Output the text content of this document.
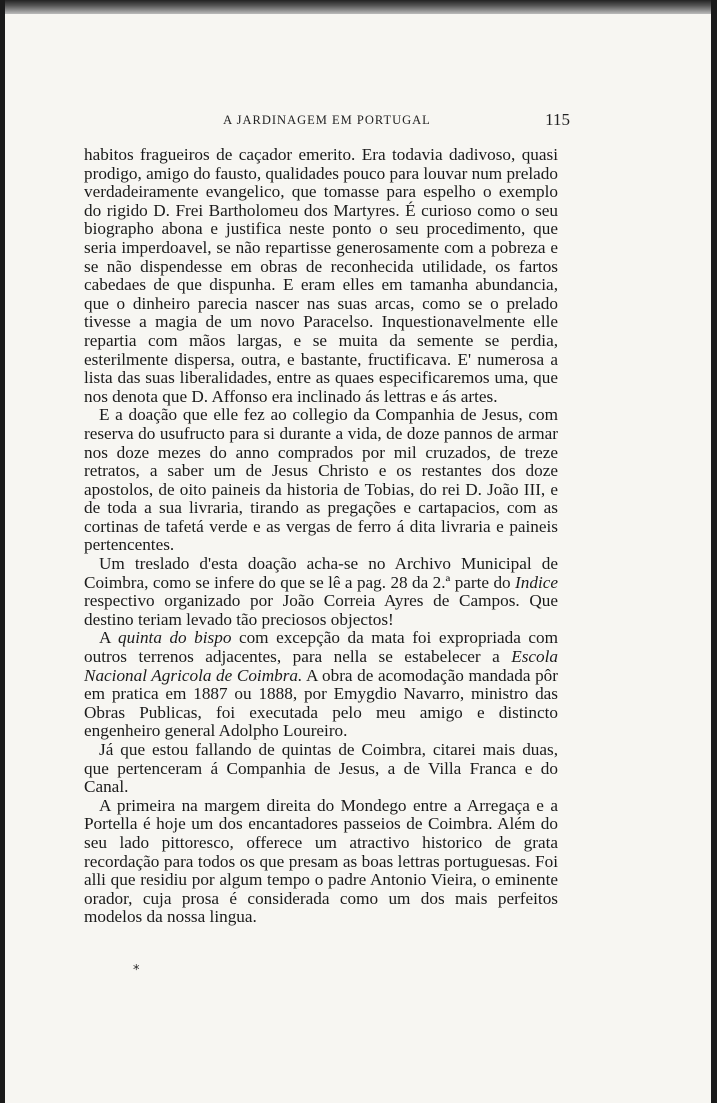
A JARDINAGEM EM PORTUGAL	115

habitos fragueiros de caçador emerito. Era todavia dadivoso, quasi prodigo, amigo do fausto, qualidades pouco para louvar num prelado verdadeiramente evangelico, que tomasse para espelho o exemplo do rigido D. Frei Bartholomeu dos Martyres. É curioso como o seu biographo abona e justifica neste ponto o seu procedimento, que seria imperdoavel, se não repartisse generosamente com a pobreza e se não dispendesse em obras de reconhecida utilidade, os fartos cabedaes de que dispunha. E eram elles em tamanha abundancia, que o dinheiro parecia nascer nas suas arcas, como se o prelado tivesse a magia de um novo Paracelso. Inquestionavelmente elle repartia com mãos largas, e se muita da semente se perdia, esterilmente dispersa, outra, e bastante, fructificava. E' numerosa a lista das suas liberalidades, entre as quaes especificaremos uma, que nos denota que D. Affonso era inclinado ás lettras e ás artes.

E a doação que elle fez ao collegio da Companhia de Jesus, com reserva do usufructo para si durante a vida, de doze pannos de armar nos doze mezes do anno comprados por mil cruzados, de treze retratos, a saber um de Jesus Christo e os restantes dos doze apostolos, de oito paineis da historia de Tobias, do rei D. João III, e de toda a sua livraria, tirando as pregações e cartapacios, com as cortinas de tafetá verde e as vergas de ferro á dita livraria e paineis pertencentes.

Um treslado d'esta doação acha-se no Archivo Municipal de Coimbra, como se infere do que se lê a pag. 28 da 2.ª parte do Indice respectivo organizado por João Correia Ayres de Campos. Que destino teriam levado tão preciosos objectos!

A quinta do bispo com excepção da mata foi expropriada com outros terrenos adjacentes, para nella se estabelecer a Escola Nacional Agricola de Coimbra. A obra de acomodação mandada pôr em pratica em 1887 ou 1888, por Emygdio Navarro, ministro das Obras Publicas, foi executada pelo meu amigo e distincto engenheiro general Adolpho Loureiro.

Já que estou fallando de quintas de Coimbra, citarei mais duas, que pertenceram á Companhia de Jesus, a de Villa Franca e do Canal.

A primeira na margem direita do Mondego entre a Arregaça e a Portella é hoje um dos encantadores passeios de Coimbra. Além do seu lado pittoresco, offerece um atractivo historico de grata recordação para todos os que presam as boas lettras portuguesas. Foi alli que residiu por algum tempo o padre Antonio Vieira, o eminente orador, cuja prosa é considerada como um dos mais perfeitos modelos da nossa lingua.

*
